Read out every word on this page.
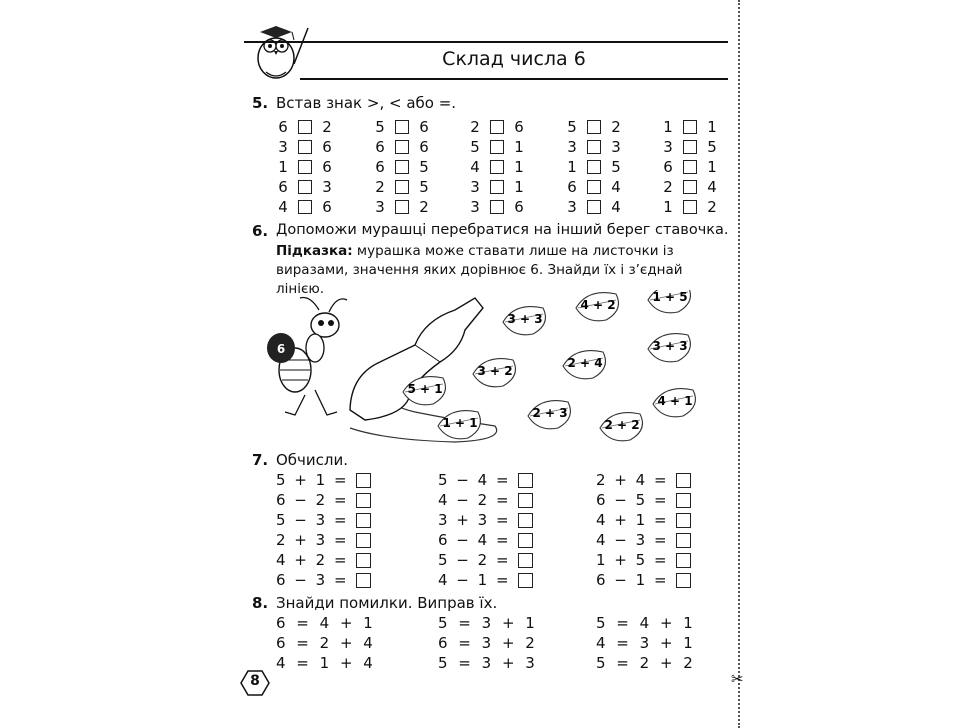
✂
Склад числа 6
5. Встав знак >, < або =.
6 2
3 6
1 6
6 3
4 6
5 6
6 6
6 5
2 5
3 2
2 6
5 1
4 1
3 1
3 6
5 2
3 3
1 5
6 4
3 4
1 1
3 5
6 1
2 4
1 2
6. Допоможи мурашці перебратися на інший берег ставочка.
Підказка: мурашка може ставати лише на листочки із виразами, значення яких дорівнює 6. Знайди їх і з’єднай лінією.
6
3 + 3
4 + 2
1 + 5
3 + 2
2 + 4
3 + 3
5 + 1
1 + 1
2 + 3
2 + 2
4 + 1
7. Обчисли.
5 + 1 =
6 − 2 =
5 − 3 =
2 + 3 =
4 + 2 =
6 − 3 =
5 − 4 =
4 − 2 =
3 + 3 =
6 − 4 =
5 − 2 =
4 − 1 =
2 + 4 =
6 − 5 =
4 + 1 =
4 − 3 =
1 + 5 =
6 − 1 =
8. Знайди помилки. Виправ їх.
6 = 4 + 1
6 = 2 + 4
4 = 1 + 4
5 = 3 + 1
6 = 3 + 2
5 = 3 + 3
5 = 4 + 1
4 = 3 + 1
5 = 2 + 2
8
